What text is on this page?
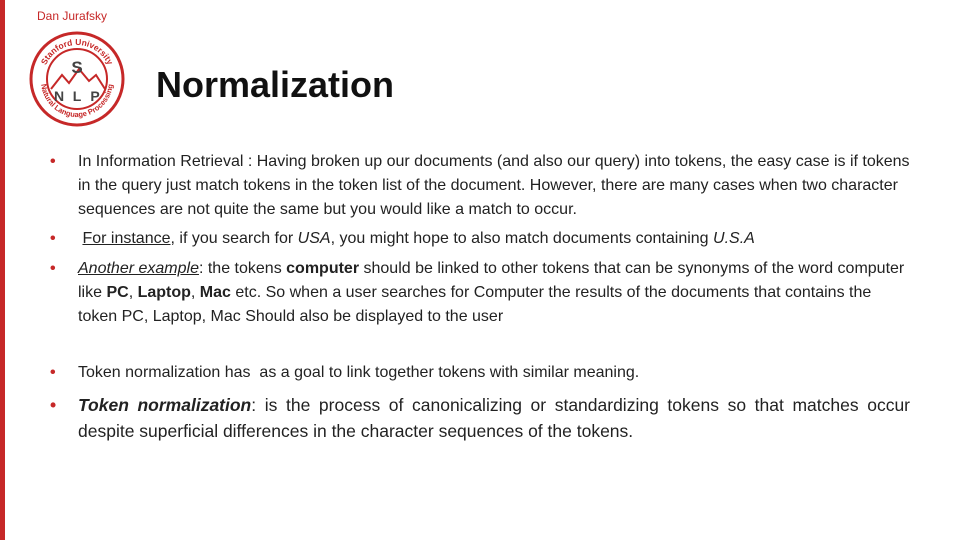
Dan Jurafsky
Stanford University
Natural Language Processing
S
N L P Normalization

• In Information Retrieval : Having broken up our documents (and also our query) into tokens, the easy case is if tokens in the query just match tokens in the token list of the document. However, there are many cases when two character sequences are not quite the same but you would like a match to occur.

• For instance, if you search for USA, you might hope to also match documents containing U.S.A

• Another example: the tokens computer should be linked to other tokens that can be synonyms of the word computer like PC, Laptop, Mac etc. So when a user searches for Computer the results of the documents that contains the token PC, Laptop, Mac Should also be displayed to the user

• Token normalization has  as a goal to link together tokens with similar meaning.

• Token normalization: is the process of canonicalizing or standardizing tokens so that matches occur despite superficial differences in the character sequences of the tokens.
